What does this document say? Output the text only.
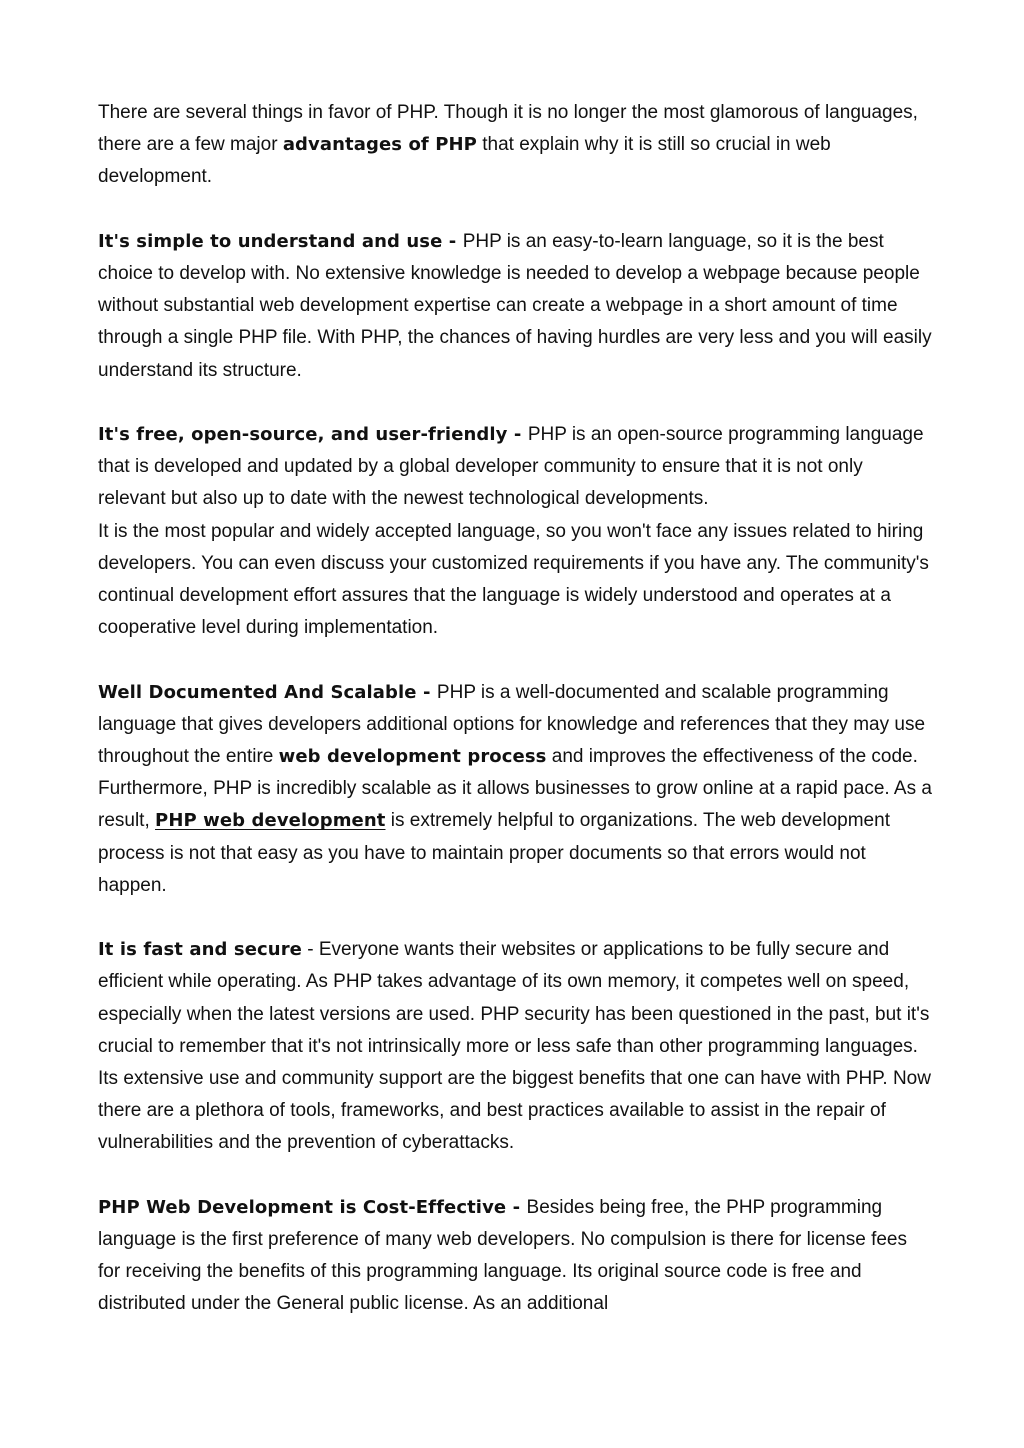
There are several things in favor of PHP. Though it is no longer the most glamorous of languages, there are a few major advantages of PHP that explain why it is still so crucial in web development.

It's simple to understand and use - PHP is an easy-to-learn language, so it is the best choice to develop with. No extensive knowledge is needed to develop a webpage because people without substantial web development expertise can create a webpage in a short amount of time through a single PHP file. With PHP, the chances of having hurdles are very less and you will easily understand its structure.

It's free, open-source, and user-friendly - PHP is an open-source programming language that is developed and updated by a global developer community to ensure that it is not only relevant but also up to date with the newest technological developments.

It is the most popular and widely accepted language, so you won't face any issues related to hiring developers. You can even discuss your customized requirements if you have any. The community's continual development effort assures that the language is widely understood and operates at a cooperative level during implementation.

Well Documented And Scalable - PHP is a well-documented and scalable programming language that gives developers additional options for knowledge and references that they may use throughout the entire web development process and improves the effectiveness of the code. Furthermore, PHP is incredibly scalable as it allows businesses to grow online at a rapid pace. As a result, PHP web development is extremely helpful to organizations. The web development process is not that easy as you have to maintain proper documents so that errors would not happen.

It is fast and secure - Everyone wants their websites or applications to be fully secure and efficient while operating. As PHP takes advantage of its own memory, it competes well on speed, especially when the latest versions are used. PHP security has been questioned in the past, but it's crucial to remember that it's not intrinsically more or less safe than other programming languages.

Its extensive use and community support are the biggest benefits that one can have with PHP. Now there are a plethora of tools, frameworks, and best practices available to assist in the repair of vulnerabilities and the prevention of cyberattacks.

PHP Web Development is Cost-Effective - Besides being free, the PHP programming language is the first preference of many web developers. No compulsion is there for license fees for receiving the benefits of this programming language. Its original source code is free and distributed under the General public license. As an additional
